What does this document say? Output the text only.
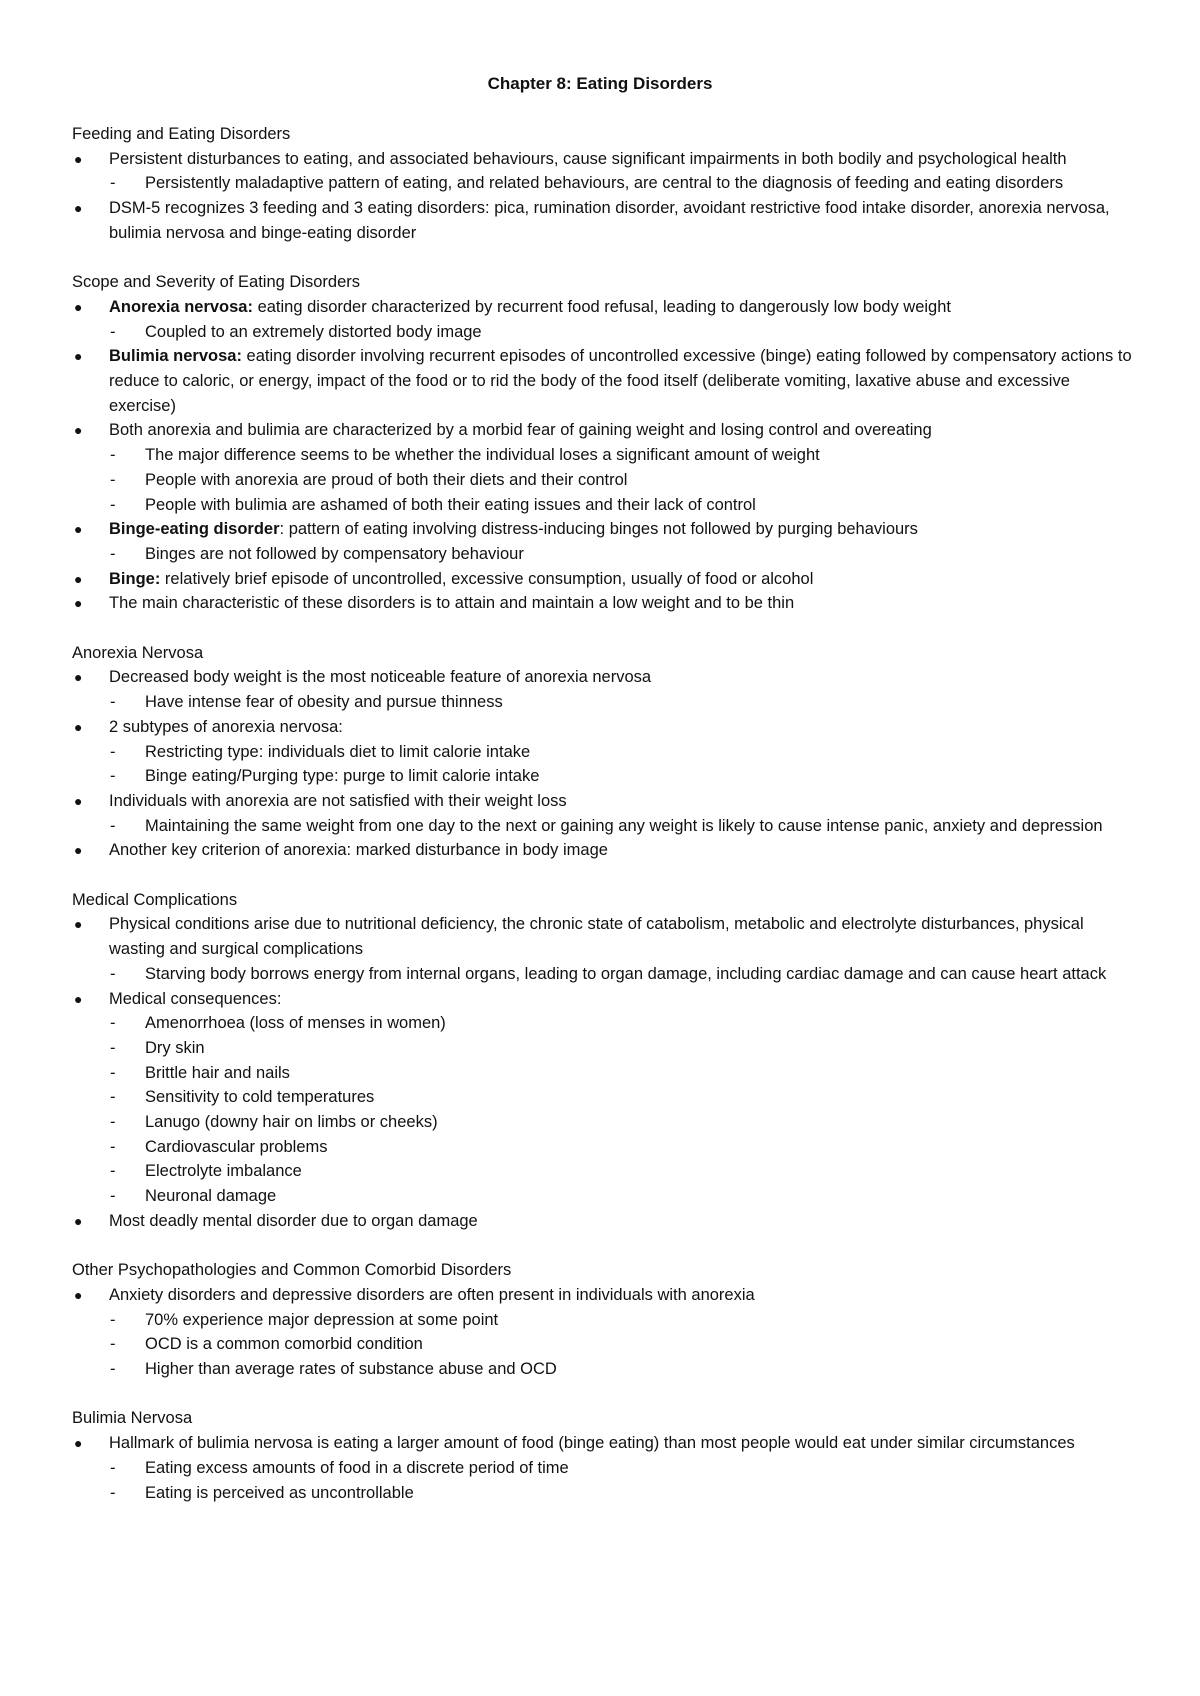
Chapter 8: Eating Disorders

Feeding and Eating Disorders

●	Persistent disturbances to eating, and associated behaviours, cause significant impairments in both bodily and psychological health
-	Persistently maladaptive pattern of eating, and related behaviours, are central to the diagnosis of feeding and eating disorders
●	DSM-5 recognizes 3 feeding and 3 eating disorders: pica, rumination disorder, avoidant restrictive food intake disorder, anorexia nervosa, bulimia nervosa and binge-eating disorder

Scope and Severity of Eating Disorders

●	Anorexia nervosa: eating disorder characterized by recurrent food refusal, leading to dangerously low body weight
-	Coupled to an extremely distorted body image
●	Bulimia nervosa: eating disorder involving recurrent episodes of uncontrolled excessive (binge) eating followed by compensatory actions to reduce to caloric, or energy, impact of the food or to rid the body of the food itself (deliberate vomiting, laxative abuse and excessive exercise)
●	Both anorexia and bulimia are characterized by a morbid fear of gaining weight and losing control and overeating
-	The major difference seems to be whether the individual loses a significant amount of weight
-	People with anorexia are proud of both their diets and their control
-	People with bulimia are ashamed of both their eating issues and their lack of control
●	Binge-eating disorder: pattern of eating involving distress-inducing binges not followed by purging behaviours
-	Binges are not followed by compensatory behaviour
●	Binge: relatively brief episode of uncontrolled, excessive consumption, usually of food or alcohol
●	The main characteristic of these disorders is to attain and maintain a low weight and to be thin

Anorexia Nervosa

●	Decreased body weight is the most noticeable feature of anorexia nervosa
-	Have intense fear of obesity and pursue thinness
●	2 subtypes of anorexia nervosa:
-	Restricting type: individuals diet to limit calorie intake
-	Binge eating/Purging type: purge to limit calorie intake
●	Individuals with anorexia are not satisfied with their weight loss
-	Maintaining the same weight from one day to the next or gaining any weight is likely to cause intense panic, anxiety and depression
●	Another key criterion of anorexia: marked disturbance in body image

Medical Complications

●	Physical conditions arise due to nutritional deficiency, the chronic state of catabolism, metabolic and electrolyte disturbances, physical wasting and surgical complications
-	Starving body borrows energy from internal organs, leading to organ damage, including cardiac damage and can cause heart attack
●	Medical consequences:
-	Amenorrhoea (loss of menses in women)
-	Dry skin
-	Brittle hair and nails
-	Sensitivity to cold temperatures
-	Lanugo (downy hair on limbs or cheeks)
-	Cardiovascular problems
-	Electrolyte imbalance
-	Neuronal damage
●	Most deadly mental disorder due to organ damage

Other Psychopathologies and Common Comorbid Disorders

●	Anxiety disorders and depressive disorders are often present in individuals with anorexia
-	70% experience major depression at some point
-	OCD is a common comorbid condition
-	Higher than average rates of substance abuse and OCD

Bulimia Nervosa

●	Hallmark of bulimia nervosa is eating a larger amount of food (binge eating) than most people would eat under similar circumstances
-	Eating excess amounts of food in a discrete period of time
-	Eating is perceived as uncontrollable
